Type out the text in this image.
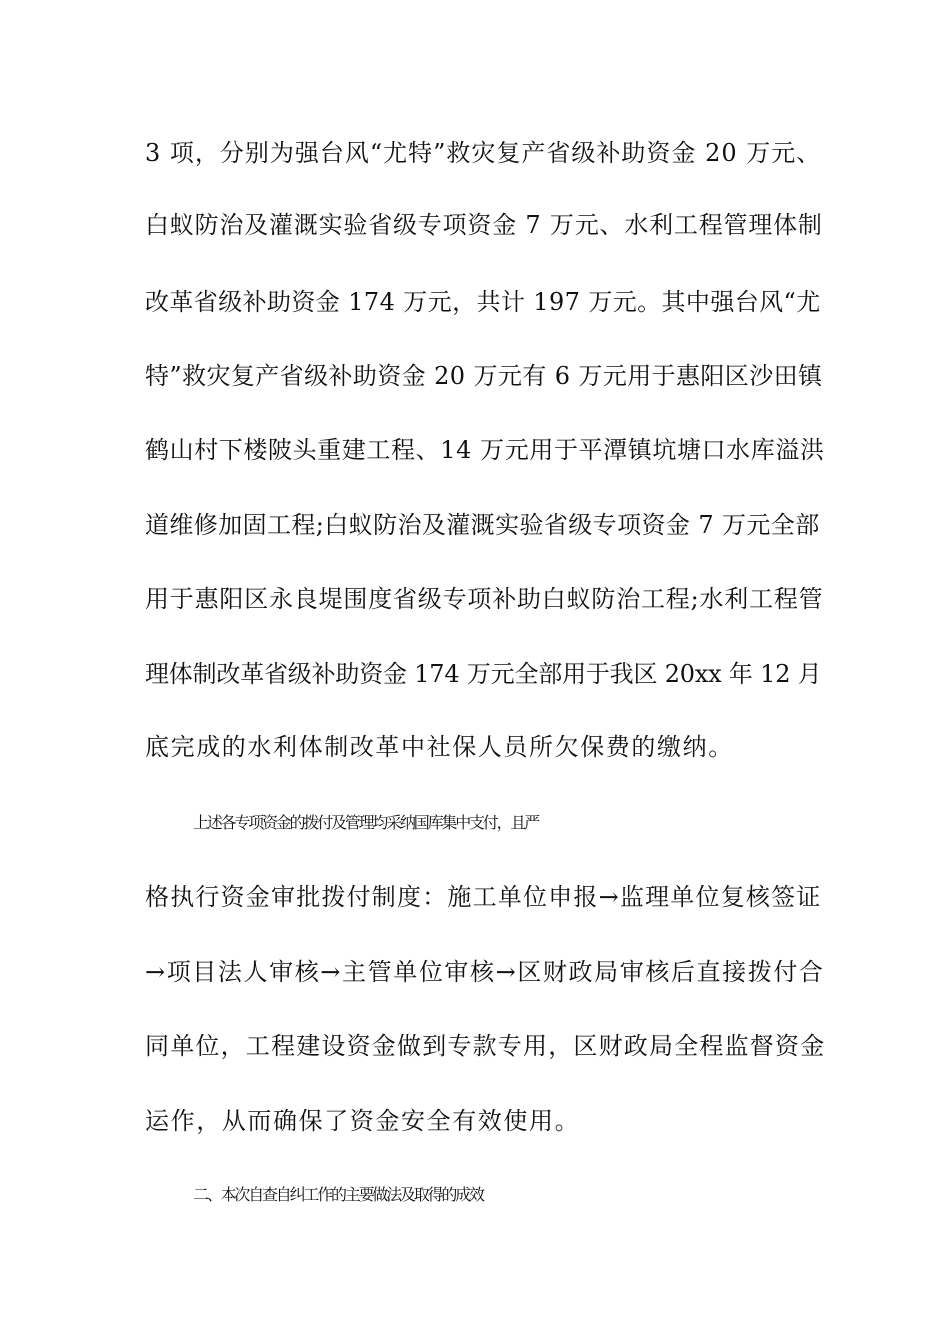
3 项，分别为强台风“尤特”救灾复产省级补助资金 20 万元、
白蚁防治及灌溉实验省级专项资金 7 万元、水利工程管理体制
改革省级补助资金 174 万元，共计 197 万元。其中强台风“尤
特”救灾复产省级补助资金 20 万元有 6 万元用于惠阳区沙田镇
鹤山村下楼陂头重建工程、14 万元用于平潭镇坑塘口水库溢洪
道维修加固工程;白蚁防治及灌溉实验省级专项资金 7 万元全部
用于惠阳区永良堤围度省级专项补助白蚁防治工程;水利工程管
理体制改革省级补助资金 174 万元全部用于我区 20xx 年 12 月
底完成的水利体制改革中社保人员所欠保费的缴纳。
上述各专项资金的拨付及管理均采纳国库集中支付，且严
格执行资金审批拨付制度：施工单位申报→监理单位复核签证
→项目法人审核→主管单位审核→区财政局审核后直接拨付合
同单位，工程建设资金做到专款专用，区财政局全程监督资金
运作，从而确保了资金安全有效使用。
二、本次自查自纠工作的主要做法及取得的成效
